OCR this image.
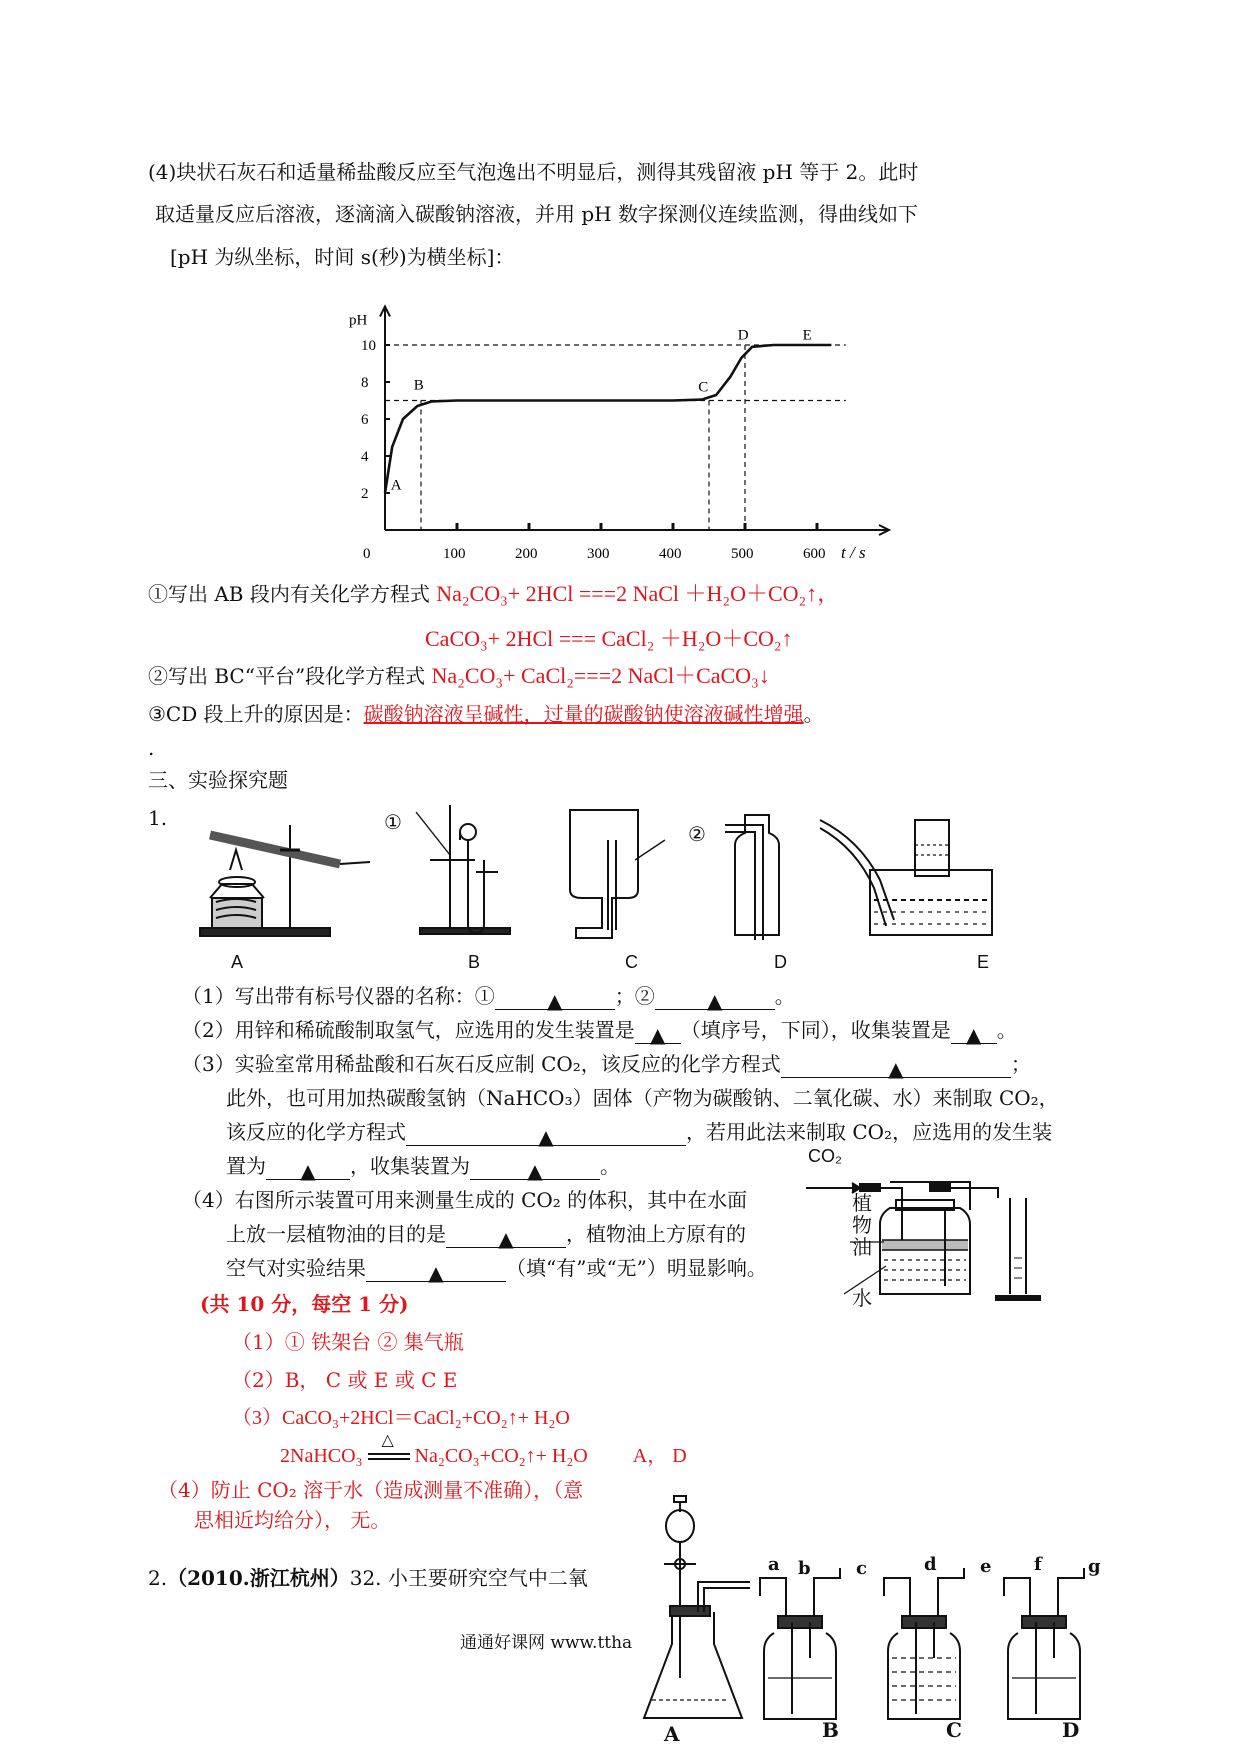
(4)块状石灰石和适量稀盐酸反应至气泡逸出不明显后，测得其残留液 pH 等于 2。此时
取适量反应后溶液，逐滴滴入碳酸钠溶液，并用 pH 数字探测仪连续监测，得曲线如下
[pH 为纵坐标，时间 s(秒)为横坐标]：
pH
t / s
0	100	200	300	400	500	600
2
4
6
8
10
A
B	C
D	E
①写出 AB 段内有关化学方程式 Na₂CO₃+ 2HCl ===2 NaCl ＋H₂O＋CO₂↑，
CaCO₃+ 2HCl === CaCl₂ ＋H₂O＋CO₂↑
②写出 BC“平台”段化学方程式 Na₂CO₃+ CaCl₂===2 NaCl＋CaCO₃↓
③CD 段上升的原因是：碳酸钠溶液呈碱性，过量的碳酸钠使溶液碱性增强。
.
三、实验探究题
1.	①	②
A	B	C	D	E
（1）写出带有标号仪器的名称：①	▲	；②	▲	。
（2）用锌和稀硫酸制取氢气，应选用的发生装置是 ▲ （填序号，下同），收集装置是 ▲ 。
（3）实验室常用稀盐酸和石灰石反应制 CO₂，该反应的化学方程式	▲	；
此外，也可用加热碳酸氢钠（NaHCO₃）固体（产物为碳酸钠、二氧化碳、水）来制取 CO₂，
该反应的化学方程式	▲	，若用此法来制取 CO₂，应选用的发生装
置为 ▲ ，收集装置为	▲	。
（4）右图所示装置可用来测量生成的 CO₂ 的体积，其中在水面
上放一层植物油的目的是	▲	，植物油上方原有的
空气对实验结果	▲	（填“有”或“无”）明显影响。
CO₂
植
物
油
水
(共 10 分，每空 1 分)
（1）① 铁架台 ② 集气瓶
（2）B， C 或 E 或 C E
（3）CaCO₃+2HCl＝CaCl₂+CO₂↑+ H₂O
2NaHCO₃
△
Na₂CO₃+CO₂↑+ H₂O A， D
（4）防止 CO₂ 溶于水（造成测量不准确），（意
思相近均给分）， 无。
2.（2010.浙江杭州）32. 小王要研究空气中二氧
a b	c	d e f	g
A	B	C	D
通通好课网 www.ttha
